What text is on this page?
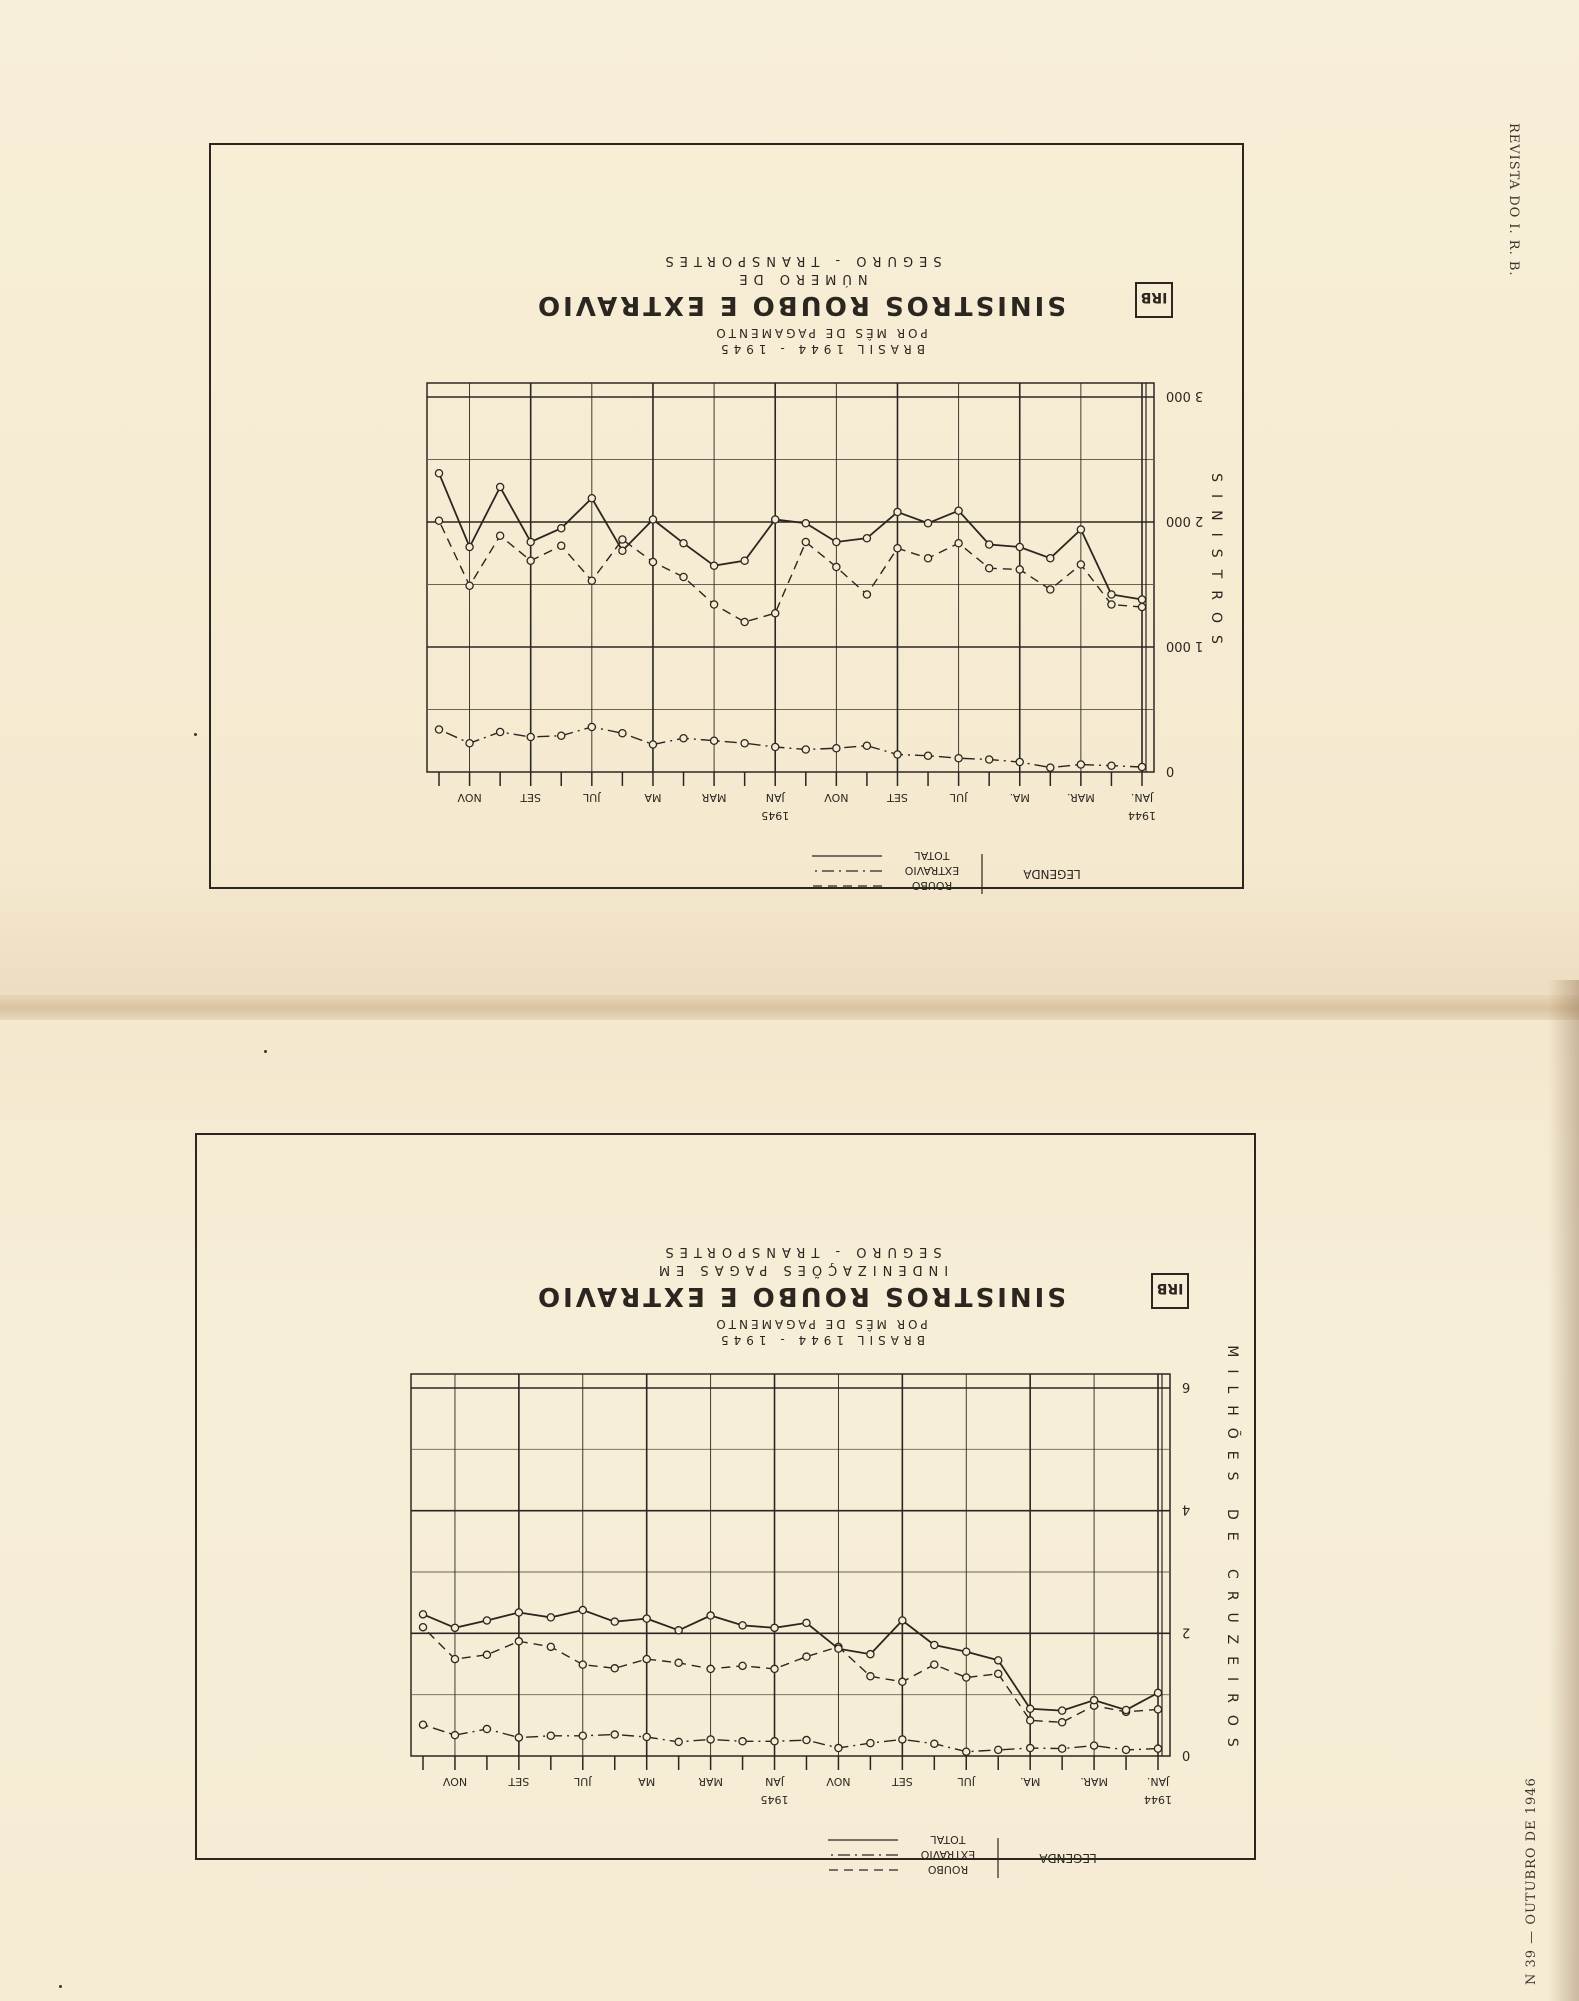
REVISTA DO I. R. B.
N 39 — OUTUBRO DE 1946
0
1 000
2 000
3 000
JAN.
MAR.
MA.
JUL
SET
NOV
JAN
MAR
MA
JUL
SET
NOV
1944
1945
SINISTROS
LEGENDA
ROUBO
EXTRAVIO
TOTAL
BRASIL 1944 - 1945
POR MÊS DE PAGAMENTO
SINISTROS ROUBO E EXTRAVIO
NÚMERO DE
SEGURO - TRANSPORTES
IRB
0
2
4
6
JAN.
MAR.
MA.
JUL
SET
NOV
JAN
MAR
MA
JUL
SET
NOV
1944
1945
MILHÕES DE CRUZEIROS
LEGENDA
ROUBO
EXTRAVIO
TOTAL
BRASIL 1944 - 1945
POR MÊS DE PAGAMENTO
SINISTROS ROUBO E EXTRAVIO
INDENIZAÇÕES PAGAS EM
SEGURO - TRANSPORTES
IRB
